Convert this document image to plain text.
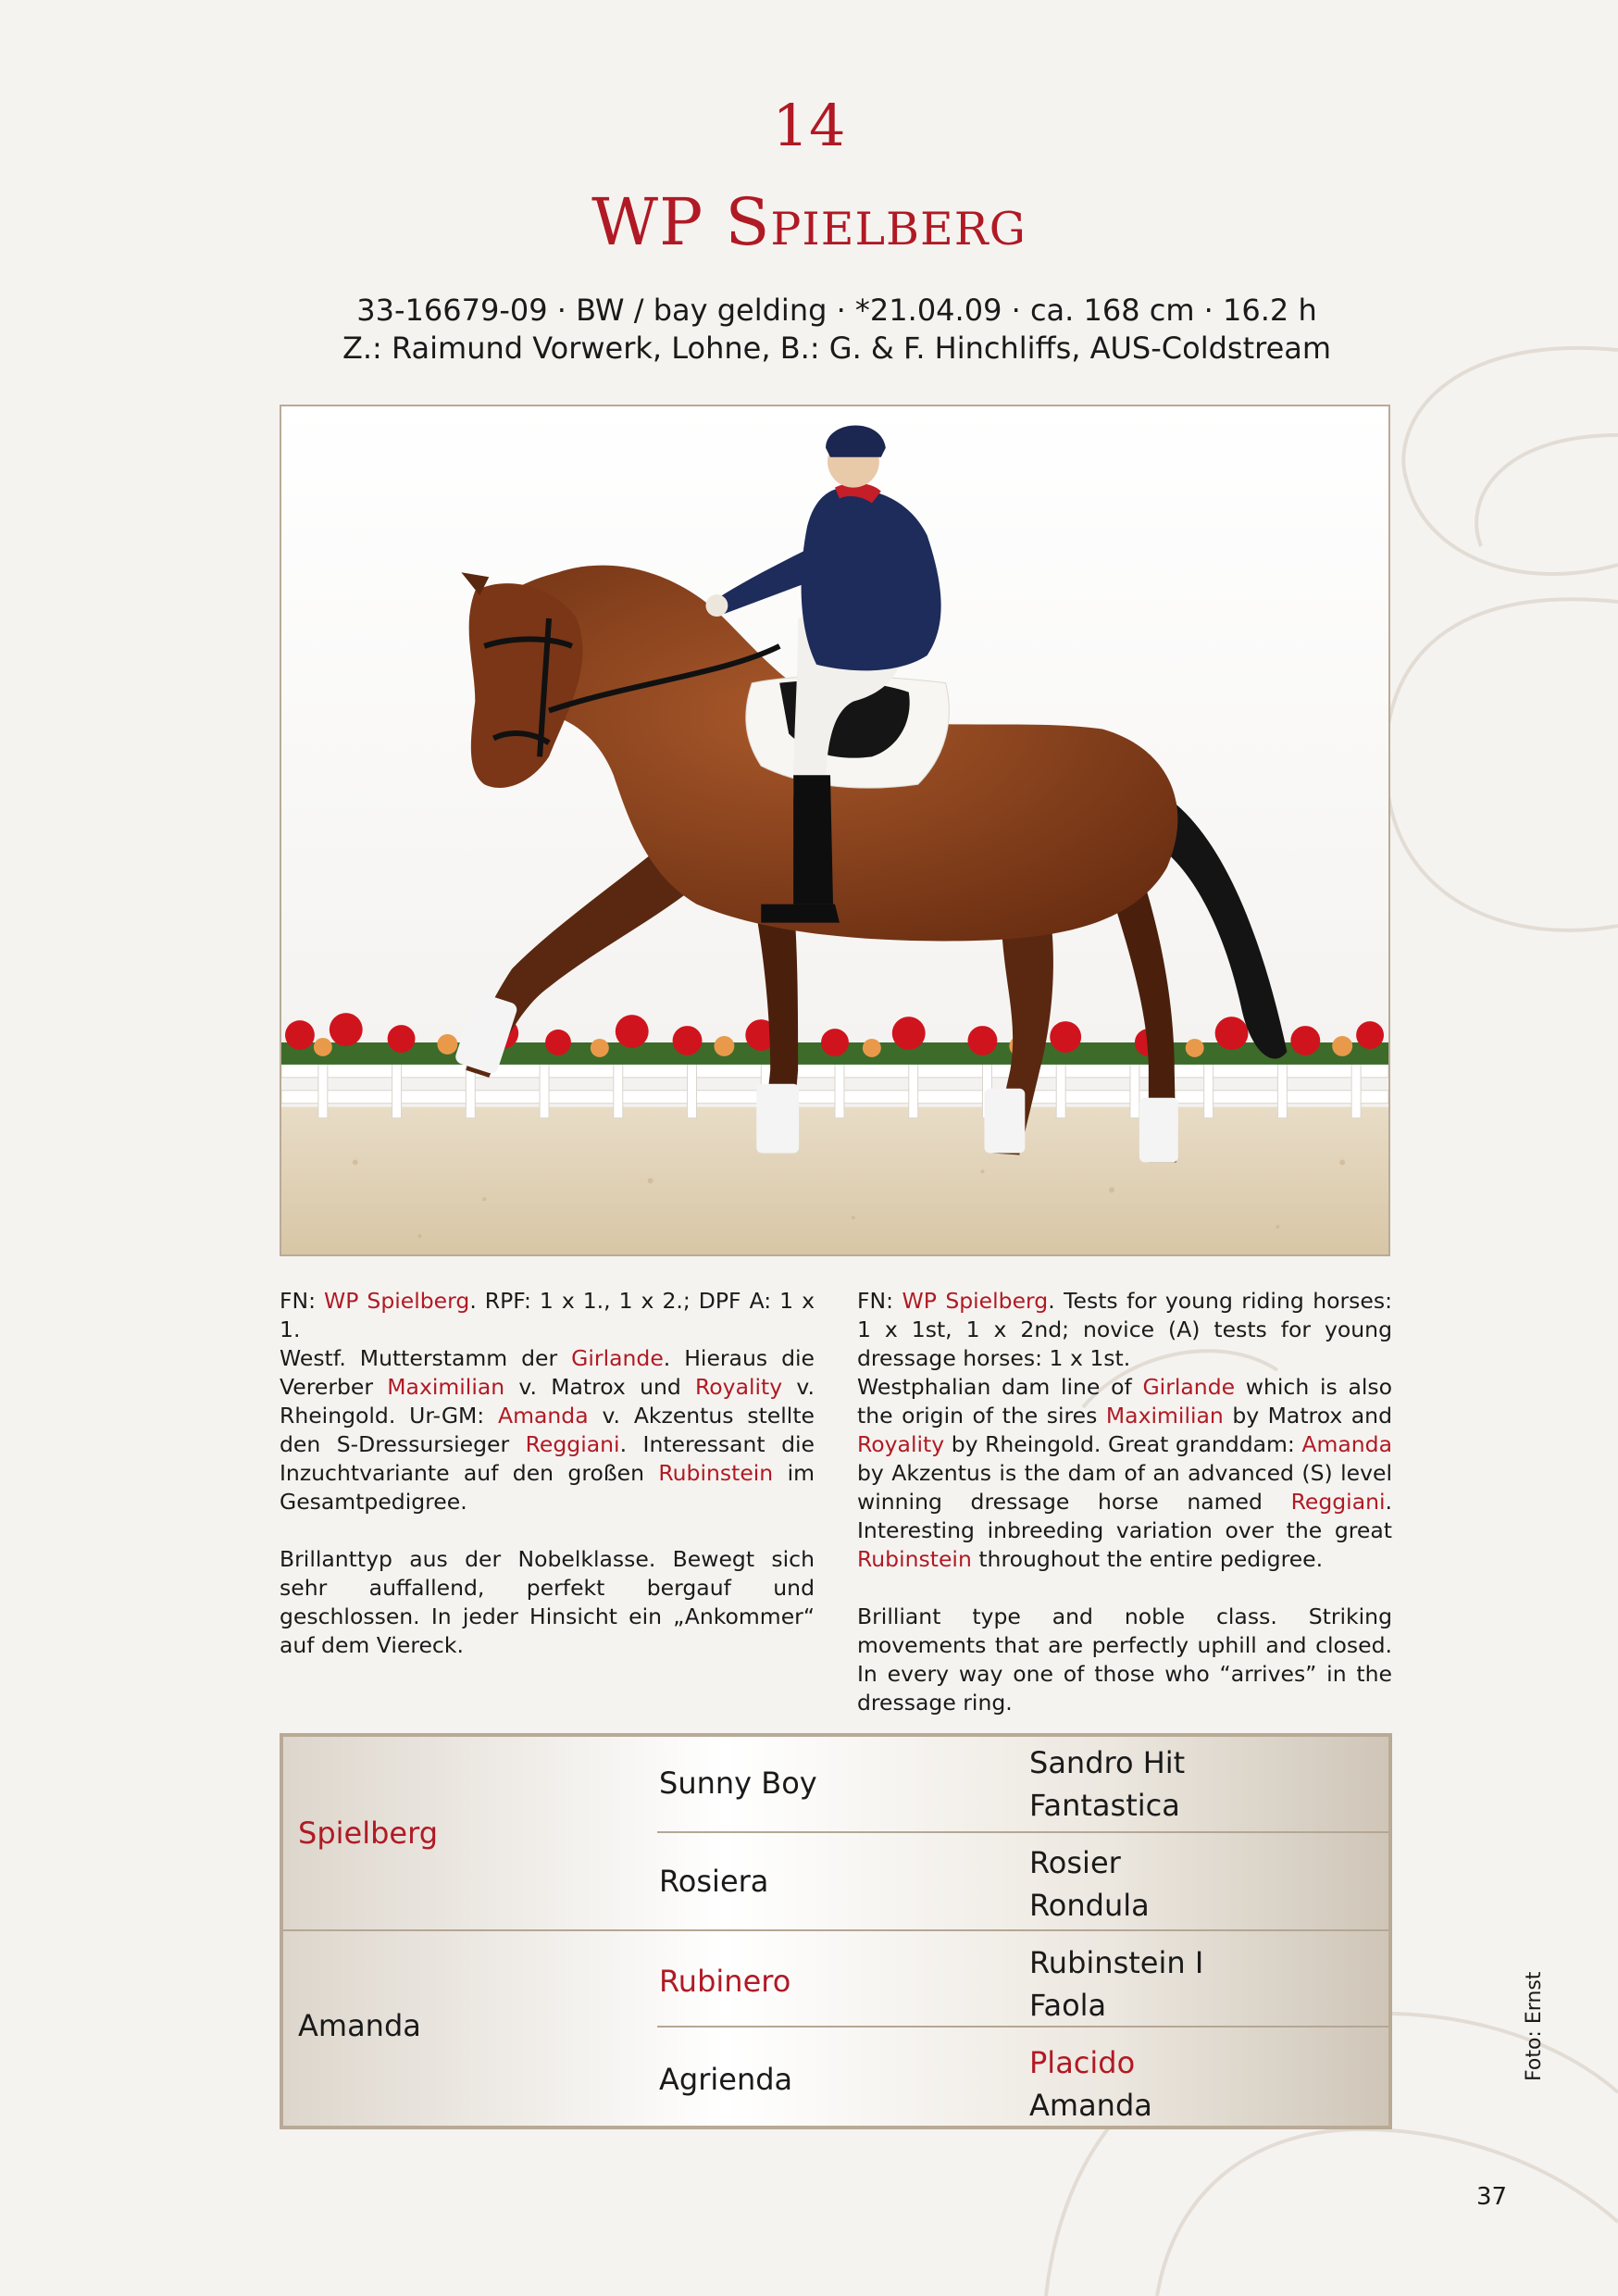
14
WP Spielberg
33-16679-09 · BW / bay gelding · *21.04.09 · ca. 168 cm · 16.2 h
Z.: Raimund Vorwerk, Lohne, B.: G. & F. Hinchliffs, AUS-Coldstream

FN: WP Spielberg. RPF: 1 x 1., 1 x 2.; DPF A: 1 x 1.

Westf. Mutterstamm der Girlande. Hieraus die Vererber Maximilian v. Matrox und Royality v. Rheingold. Ur-GM: Amanda v. Akzentus stellte den S-Dressursieger Reggiani. Interessant die Inzuchtvariante auf den großen Rubinstein im Gesamtpedigree.

Brillanttyp aus der Nobelklasse. Bewegt sich sehr auffallend, perfekt bergauf und geschlossen. In jeder Hinsicht ein „Ankommer“ auf dem Viereck.

FN: WP Spielberg. Tests for young riding horses: 1 x 1st, 1 x 2nd; novice (A) tests for young dressage horses: 1 x 1st.

Westphalian dam line of Girlande which is also the origin of the sires Maximilian by Matrox and Royality by Rheingold. Great granddam: Amanda by Akzentus is the dam of an advanced (S) level winning dressage horse named Reggiani. Interesting inbreeding variation over the great Rubinstein throughout the entire pedigree.

Brilliant type and noble class. Striking movements that are perfectly uphill and closed. In every way one of those who “arrives” in the dressage ring.

Spielberg
Amanda
Sunny Boy
Rosiera
Rubinero
Agrienda
Sandro Hit
Fantastica
Rosier
Rondula
Rubinstein I
Faola
Placido
Amanda
Foto: Ernst
37
